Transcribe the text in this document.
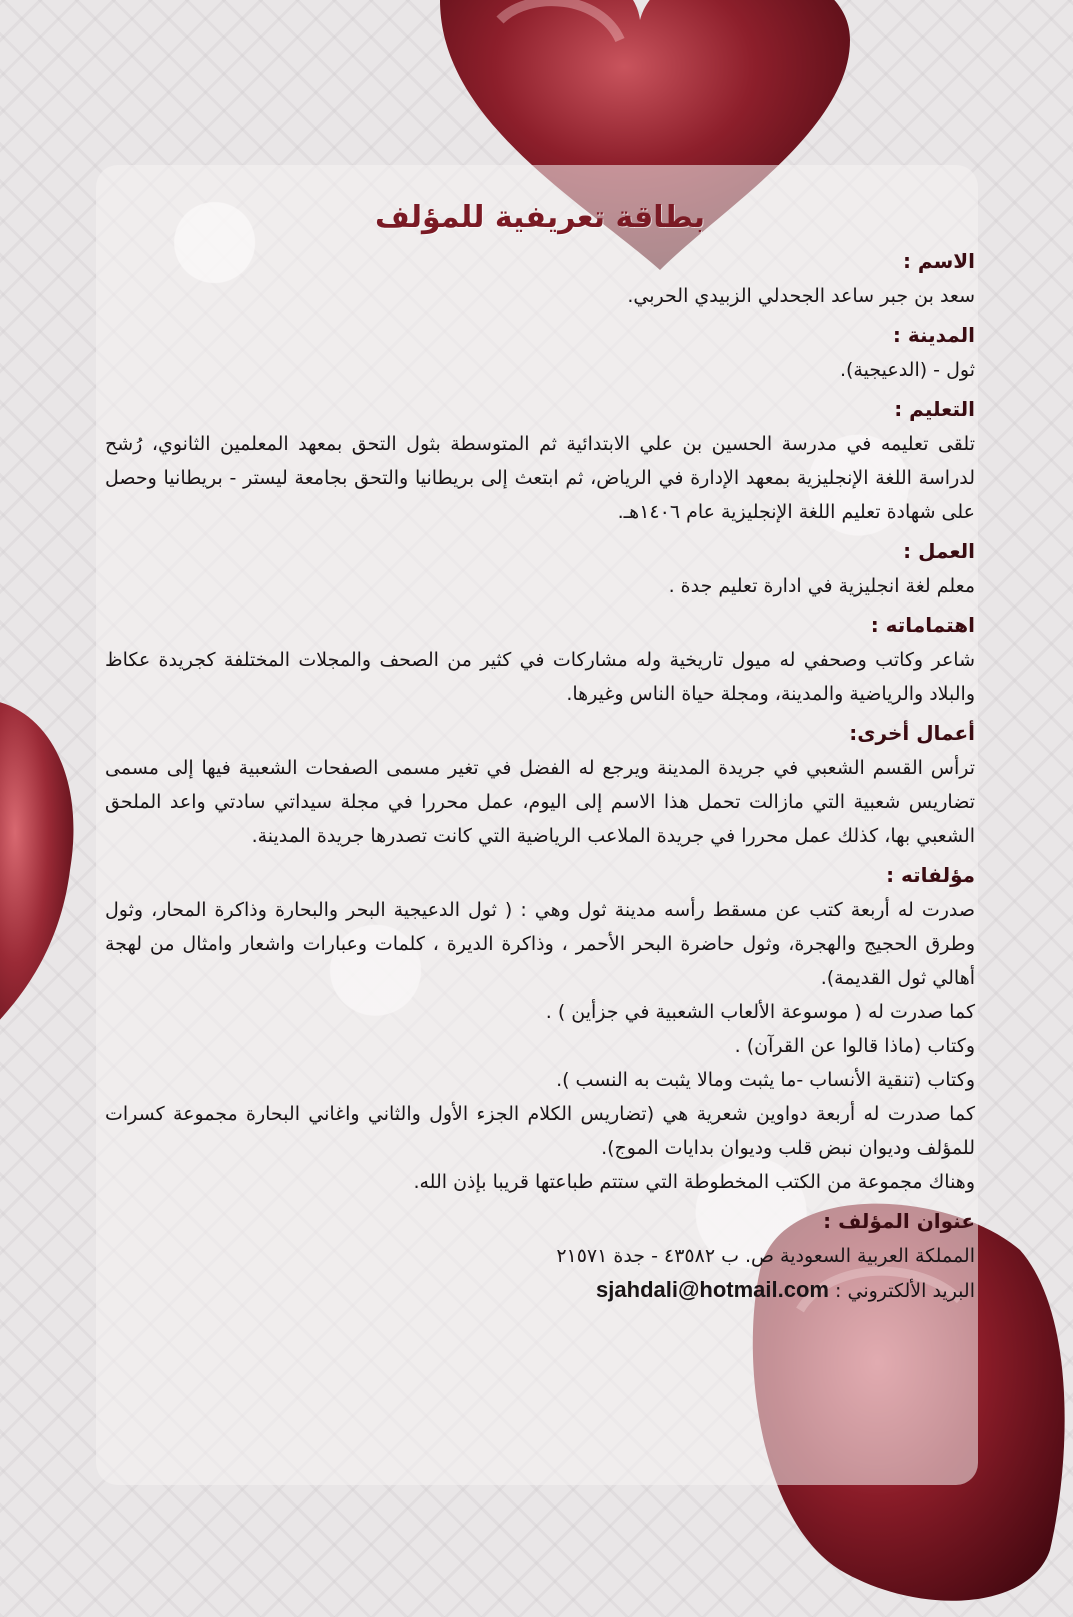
بطاقة تعريفية للمؤلف
الاسم :

سعد بن جبر ساعد الجحدلي الزبيدي الحربي.

المدينة :

ثول - (الدعيجية).

التعليم :

تلقى تعليمه في مدرسة الحسين بن علي الابتدائية ثم المتوسطة بثول التحق بمعهد المعلمين الثانوي، رُشح لدراسة اللغة الإنجليزية بمعهد الإدارة في الرياض، ثم ابتعث إلى بريطانيا والتحق بجامعة ليستر - بريطانيا وحصل على شهادة تعليم اللغة الإنجليزية عام ١٤٠٦هـ.

العمل :

معلم لغة انجليزية في ادارة تعليم جدة .

اهتماماته :

شاعر وكاتب وصحفي له ميول تاريخية وله مشاركات في كثير من الصحف والمجلات المختلفة كجريدة عكاظ والبلاد والرياضية والمدينة، ومجلة حياة الناس وغيرها.

أعمال أخرى:

ترأس القسم الشعبي في جريدة المدينة ويرجع له الفضل في تغير مسمى الصفحات الشعبية فيها إلى مسمى تضاريس شعبية التي مازالت تحمل هذا الاسم إلى اليوم، عمل محررا في مجلة سيداتي سادتي واعد الملحق الشعبي بها، كذلك عمل محررا في جريدة الملاعب الرياضية التي كانت تصدرها جريدة المدينة.

مؤلفاته :

صدرت له أربعة كتب عن مسقط رأسه مدينة ثول وهي : ( ثول الدعيجية البحر والبحارة وذاكرة المحار، وثول وطرق الحجيج والهجرة، وثول حاضرة البحر الأحمر ، وذاكرة الديرة ، كلمات وعبارات واشعار وامثال من لهجة أهالي ثول القديمة).

كما صدرت له ( موسوعة الألعاب الشعبية في جزأين ) .

وكتاب (ماذا قالوا عن القرآن) .

وكتاب (تنقية الأنساب -ما يثبت ومالا يثبت به النسب ).

كما صدرت له أربعة دواوين شعرية هي (تضاريس الكلام الجزء الأول والثاني واغاني البحارة مجموعة كسرات للمؤلف وديوان نبض قلب وديوان بدايات الموج).

وهناك مجموعة من الكتب المخطوطة التي ستتم طباعتها قريبا بإذن الله.

عنوان المؤلف :

المملكة العربية السعودية ص. ب ٤٣٥٨٢ - جدة ٢١٥٧١

البريد الألكتروني : sjahdali@hotmail.com
